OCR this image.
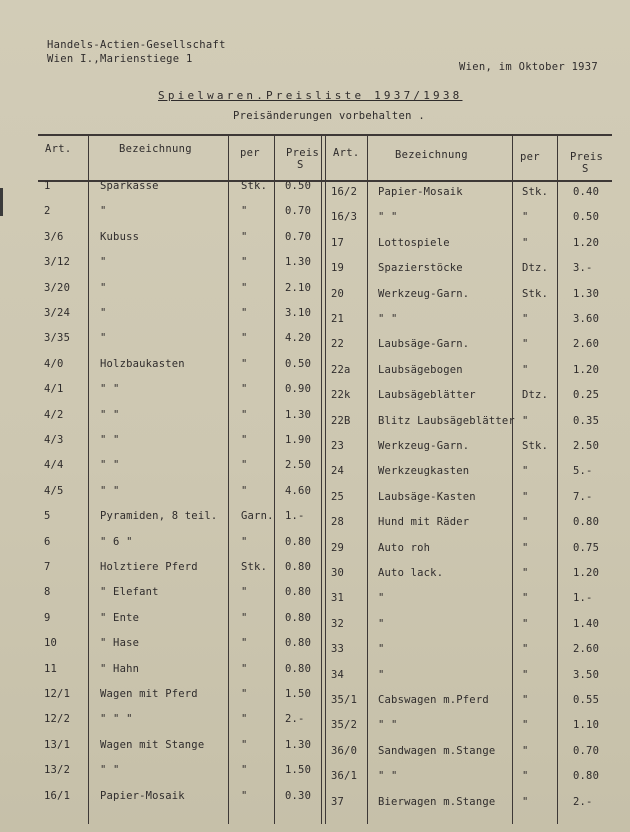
Handels-Actien-Gesellschaft
Wien I.,Marienstiege 1
Wien, im Oktober 1937
Spielwaren.Preisliste 1937/1938
Preisänderungen vorbehalten .
Art.	Bezeichnung	per Preis
S
Art.	Bezeichnung	per	Preis
S
1	Sparkasse	Stk. 0.50 16/2 Papier-Mosaik	Stk. 0.40
2	"	"	0.70 16/3 " "	"	0.50
3/6	Kubuss	"	0.70 17	Lottospiele	"	1.20
3/12	"	"	1.30 19	Spazierstöcke	Dtz. 3.-
3/20	"	"	2.10 20	Werkzeug-Garn.	Stk. 1.30
3/24	"	"	3.10 21	" "	"	3.60
3/35	"	"	4.20 22	Laubsäge-Garn.	"	2.60
4/0	Holzbaukasten	"	0.50 22a	Laubsägebogen	"	1.20
4/1	" "	"	0.90 22k	Laubsägeblätter	Dtz. 0.25
4/2	" "	"	1.30 22B	Blitz Laubsägeblätter "	0.35
4/3	" "	"	1.90 23	Werkzeug-Garn.	Stk. 2.50
4/4	" "	"	2.50 24	Werkzeugkasten	"	5.-
4/5	" "	"	4.60 25	Laubsäge-Kasten	"	7.-
5	Pyramiden, 8 teil. Garn. 1.-	28	Hund mit Räder	"	0.80
6	" 6 "	"	0.80 29	Auto roh	"	0.75
7	Holztiere Pferd	Stk. 0.80 30	Auto lack.	"	1.20
8	" Elefant	"	0.80 31	"	"	1.-
9	" Ente	"	0.80 32	"	"	1.40
10	" Hase	"	0.80 33	"	"	2.60
11	" Hahn	"	0.80 34	"	"	3.50
12/1	Wagen mit Pferd	"	1.50 35/1 Cabswagen m.Pferd	"	0.55
12/2	" " "	"	2.-	35/2 " "	"	1.10
13/1	Wagen mit Stange	"	1.30 36/0 Sandwagen m.Stange	"	0.70
13/2	" "	"	1.50 36/1 " "	"	0.80
16/1	Papier-Mosaik	"	0.30 37	Bierwagen m.Stange	"	2.-
